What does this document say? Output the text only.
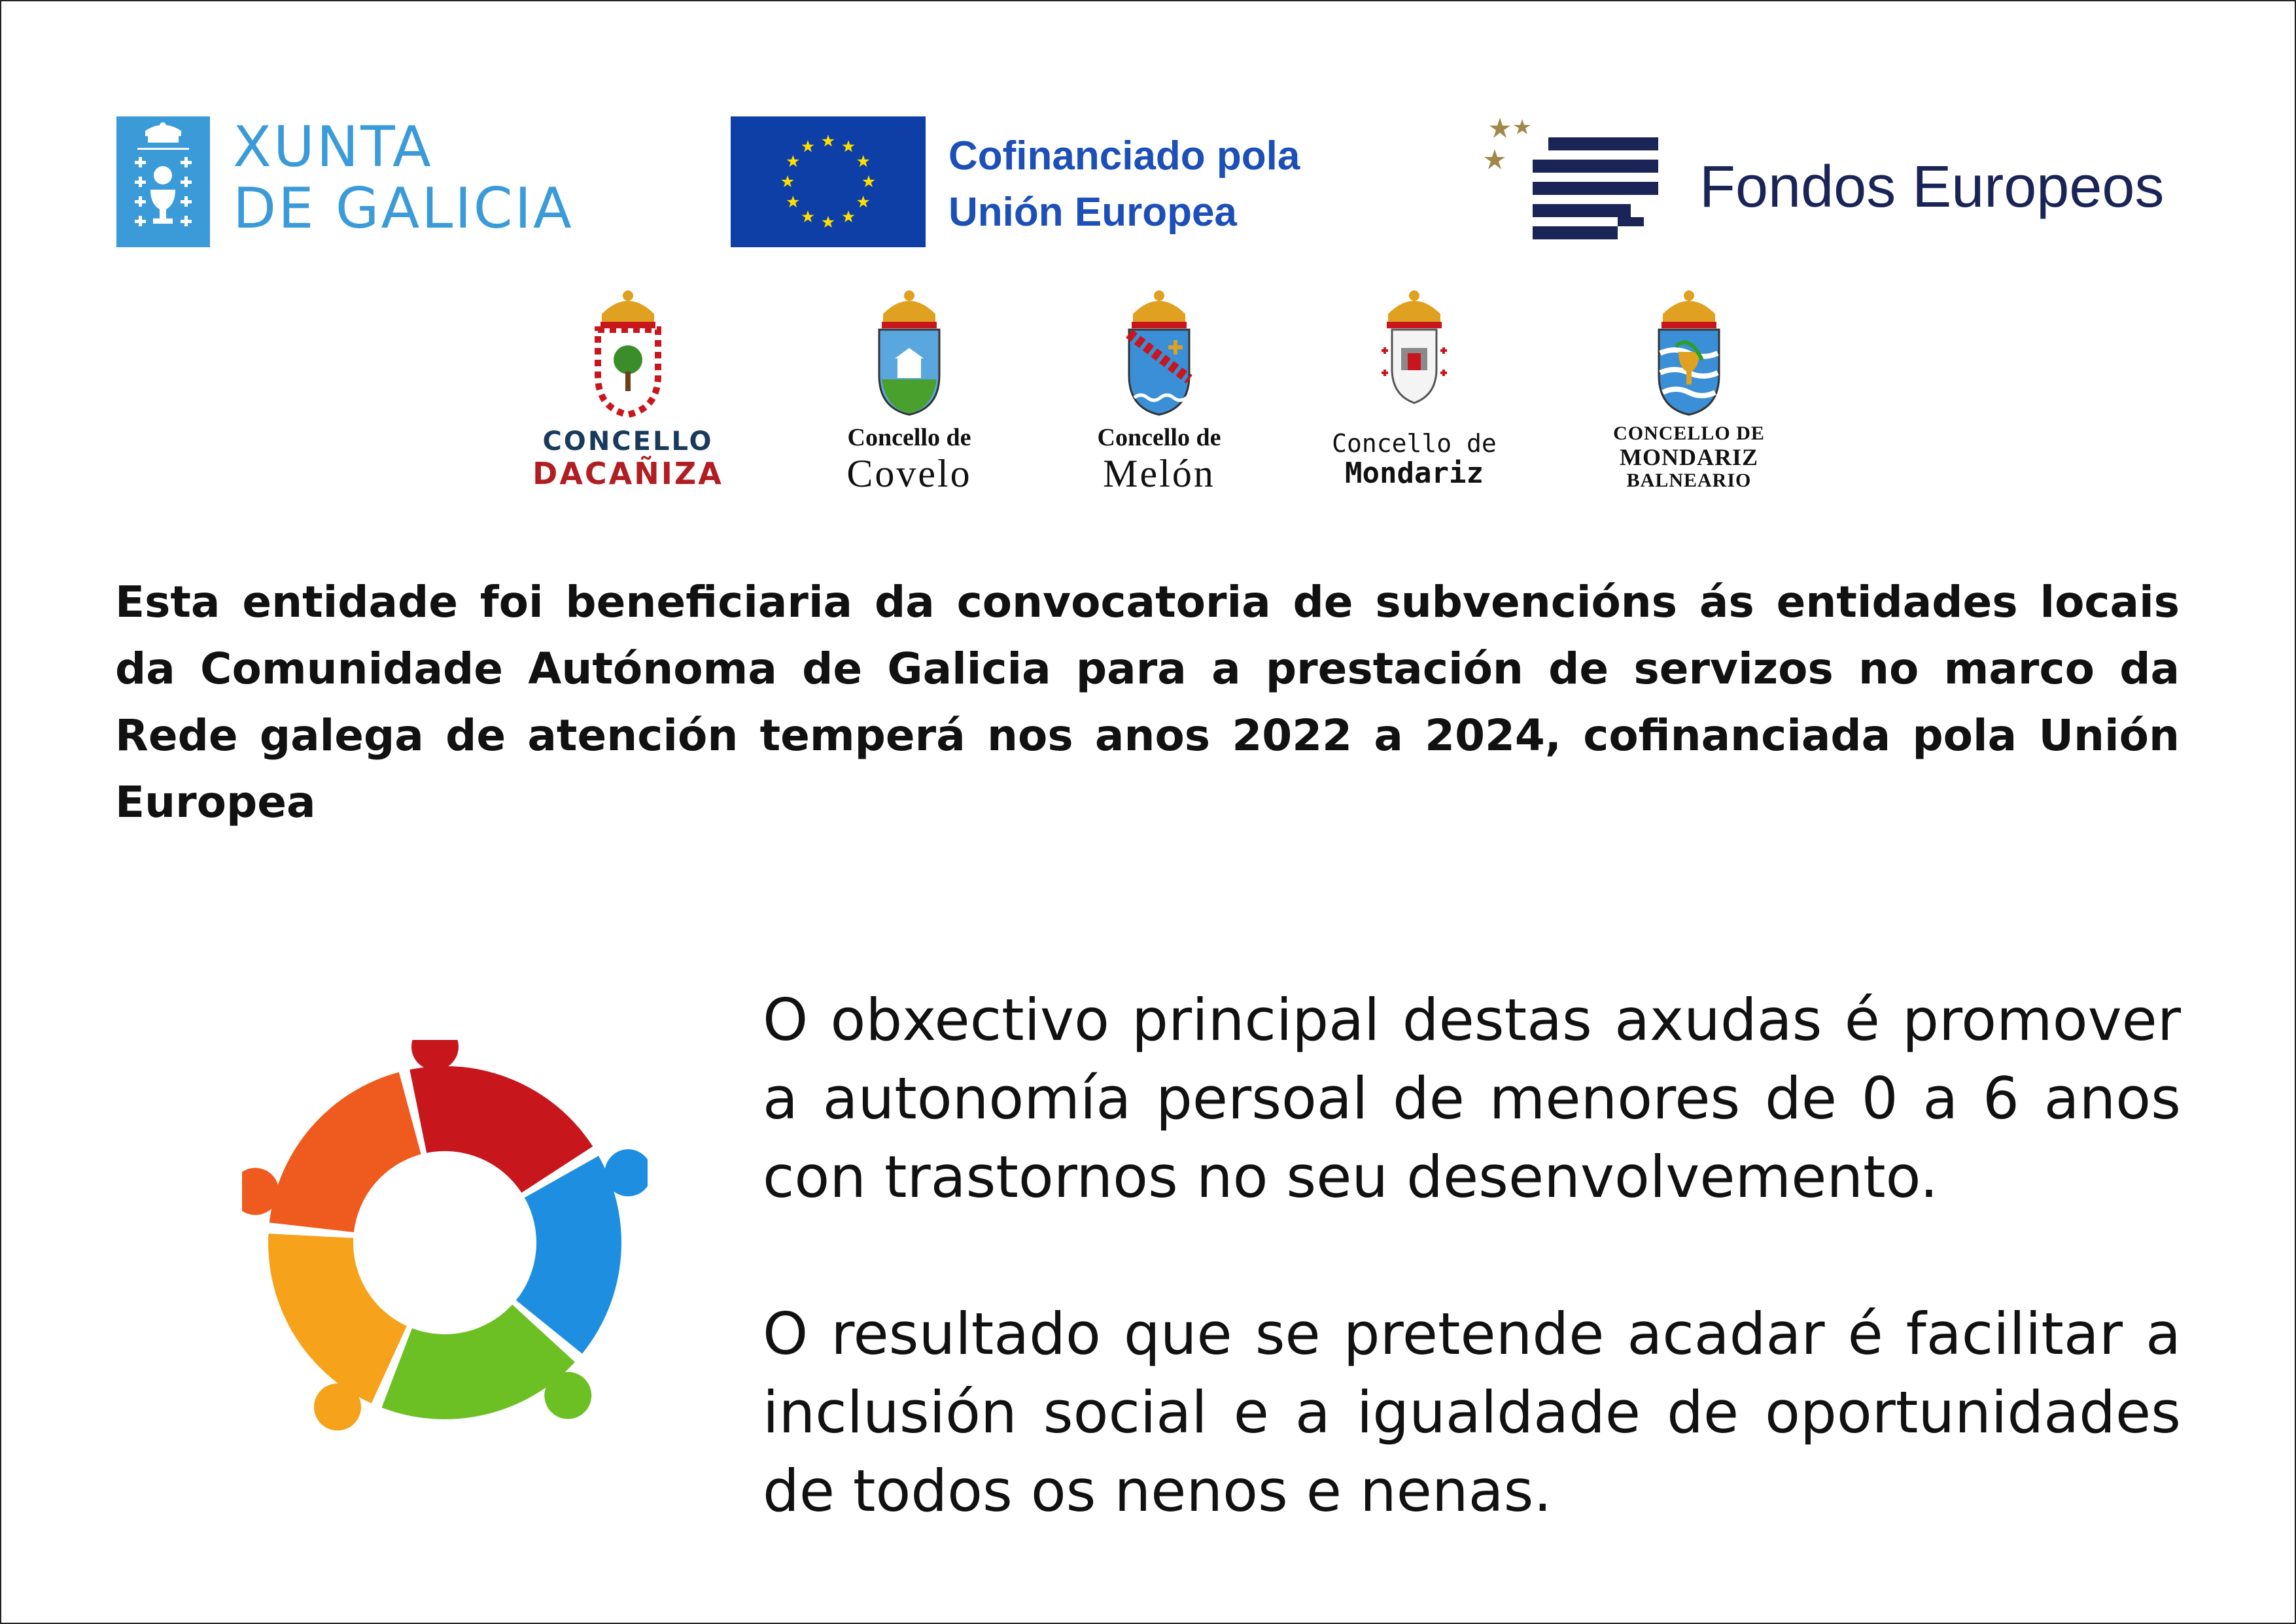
XUNTA
DE GALICIA
Cofinanciado pola
Unión Europea	Fondos Europeos
CONCELLO
DACAÑIZA
Concello de
Covelo
Concello de
Melón
Concello de
Mondariz
CONCELLO DE
MONDARIZ
BALNEARIO
Esta entidade foi beneficiaria da convocatoria de subvencións ás entidades locais da Comunidade Autónoma de Galicia para a prestación de servizos no marco da Rede galega de atención temperá nos anos 2022 a 2024, cofinanciada pola Unión Europea

O obxectivo principal destas axudas é promover a autonomía persoal de menores de 0 a 6 anos con trastornos no seu desenvolvemento.

O resultado que se pretende acadar é facilitar a inclusión social e a igualdade de oportunidades de todos os nenos e nenas.
